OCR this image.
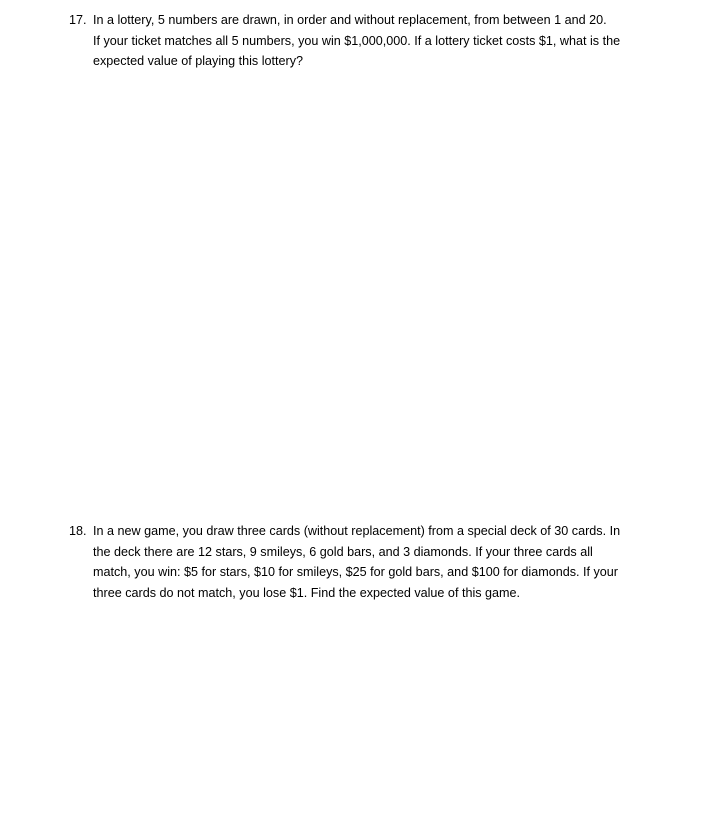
17. In a lottery, 5 numbers are drawn, in order and without replacement, from between 1 and 20.
If your ticket matches all 5 numbers, you win $1,000,000. If a lottery ticket costs $1, what is the
expected value of playing this lottery?
18. In a new game, you draw three cards (without replacement) from a special deck of 30 cards. In
the deck there are 12 stars, 9 smileys, 6 gold bars, and 3 diamonds. If your three cards all
match, you win: $5 for stars, $10 for smileys, $25 for gold bars, and $100 for diamonds. If your
three cards do not match, you lose $1. Find the expected value of this game.
